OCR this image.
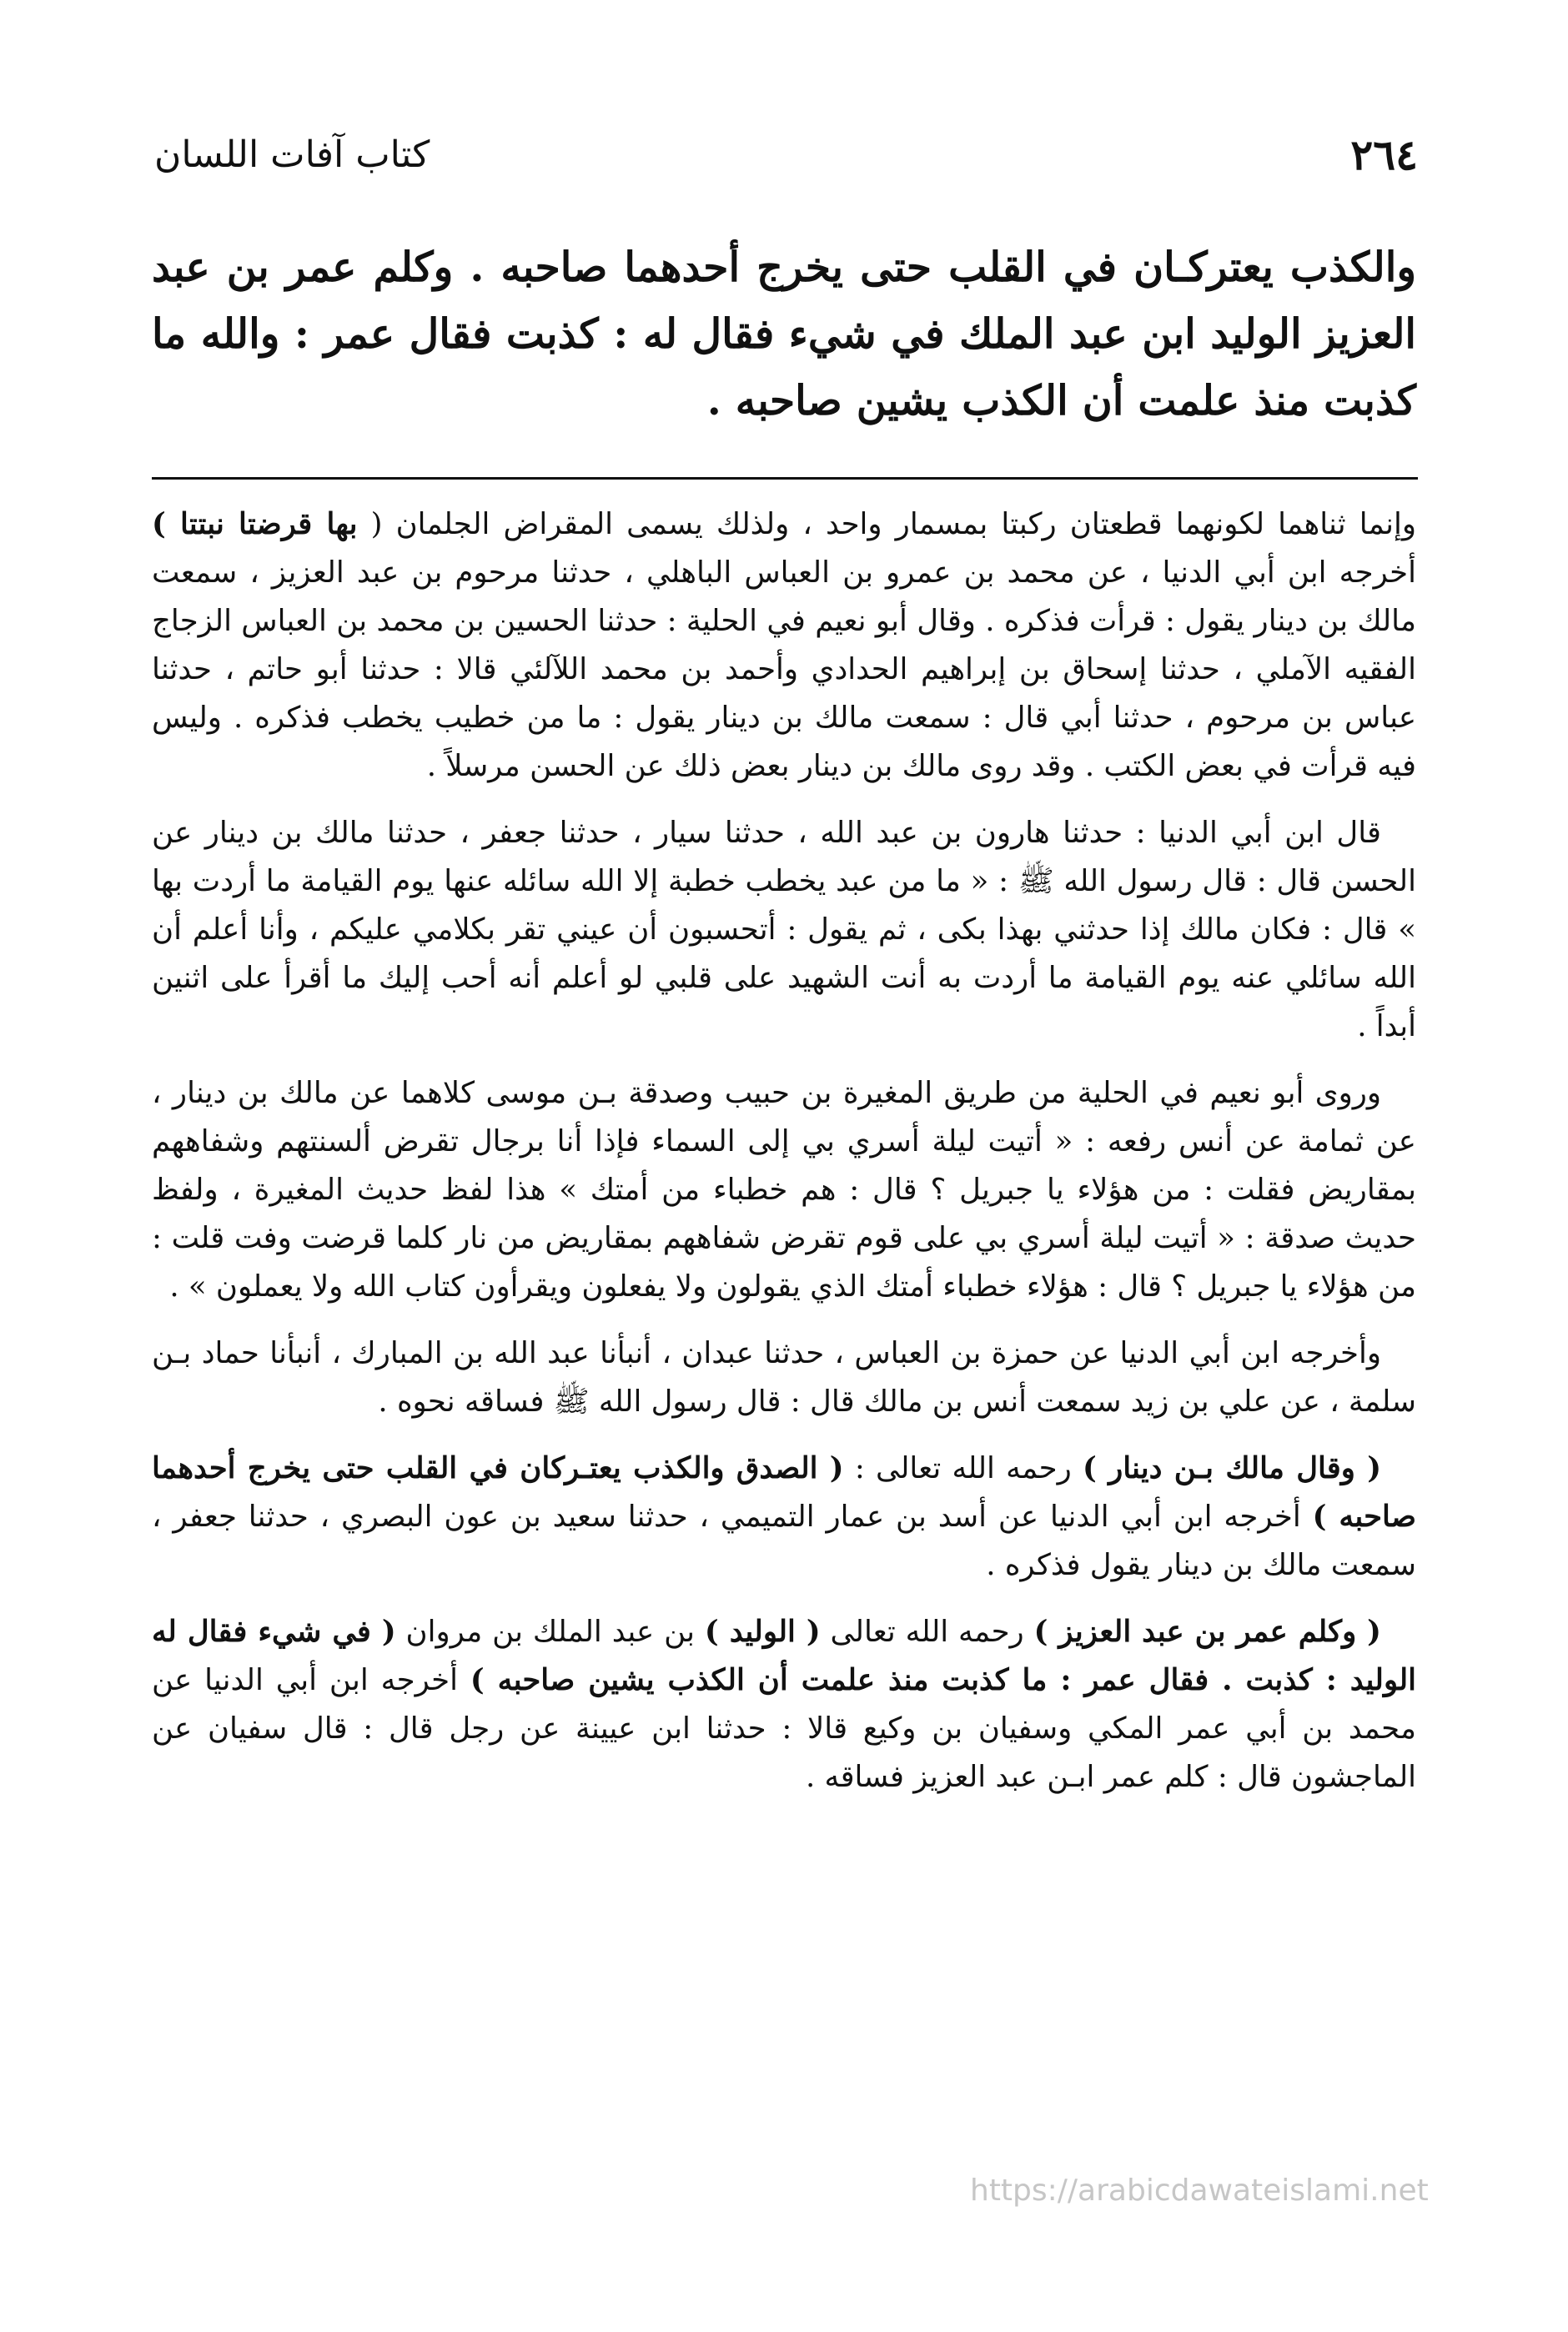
٢٦٤
كتاب آفات اللسان

والكذب يعتركـان في القلب حتى يخرج أحدهما صاحبه . وكلم عمر بن عبد العزيز الوليد ابن عبد الملك في شيء فقال له : كذبت فقال عمر : والله ما كذبت منذ علمت أن الكذب يشين صاحبه .

وإنما ثناهما لكونهما قطعتان ركبتا بمسمار واحد ، ولذلك يسمى المقراض الجلمان ( بها قرضتا نبتتا ) أخرجه ابن أبي الدنيا ، عن محمد بن عمرو بن العباس الباهلي ، حدثنا مرحوم بن عبد العزيز ، سمعت مالك بن دينار يقول : قرأت فذكره . وقال أبو نعيم في الحلية : حدثنا الحسين بن محمد بن العباس الزجاج الفقيه الآملي ، حدثنا إسحاق بن إبراهيم الحدادي وأحمد بن محمد اللآلئي قالا : حدثنا أبو حاتم ، حدثنا عباس بن مرحوم ، حدثنا أبي قال : سمعت مالك بن دينار يقول : ما من خطيب يخطب فذكره . وليس فيه قرأت في بعض الكتب . وقد روى مالك بن دينار بعض ذلك عن الحسن مرسلاً .

قال ابن أبي الدنيا : حدثنا هارون بن عبد الله ، حدثنا سيار ، حدثنا جعفر ، حدثنا مالك بن دينار عن الحسن قال : قال رسول الله ﷺ : « ما من عبد يخطب خطبة إلا الله سائله عنها يوم القيامة ما أردت بها » قال : فكان مالك إذا حدثني بهذا بكى ، ثم يقول : أتحسبون أن عيني تقر بكلامي عليكم ، وأنا أعلم أن الله سائلي عنه يوم القيامة ما أردت به أنت الشهيد على قلبي لو أعلم أنه أحب إليك ما أقرأ على اثنين أبداً .

وروى أبو نعيم في الحلية من طريق المغيرة بن حبيب وصدقة بـن موسى كلاهما عن مالك بن دينار ، عن ثمامة عن أنس رفعه : « أتيت ليلة أسري بي إلى السماء فإذا أنا برجال تقرض ألسنتهم وشفاههم بمقاريض فقلت : من هؤلاء يا جبريل ؟ قال : هم خطباء من أمتك » هذا لفظ حديث المغيرة ، ولفظ حديث صدقة : « أتيت ليلة أسري بي على قوم تقرض شفاههم بمقاريض من نار كلما قرضت وفت قلت : من هؤلاء يا جبريل ؟ قال : هؤلاء خطباء أمتك الذي يقولون ولا يفعلون ويقرأون كتاب الله ولا يعملون » .

وأخرجه ابن أبي الدنيا عن حمزة بن العباس ، حدثنا عبدان ، أنبأنا عبد الله بن المبارك ، أنبأنا حماد بـن سلمة ، عن علي بن زيد سمعت أنس بن مالك قال : قال رسول الله ﷺ فساقه نحوه .

( وقال مالك بـن دينار ) رحمه الله تعالى : ( الصدق والكذب يعتـركان في القلب حتى يخرج أحدهما صاحبه ) أخرجه ابن أبي الدنيا عن أسد بن عمار التميمي ، حدثنا سعيد بن عون البصري ، حدثنا جعفر ، سمعت مالك بن دينار يقول فذكره .

( وكلم عمر بن عبد العزيز ) رحمه الله تعالى ( الوليد ) بن عبد الملك بن مروان ( في شيء فقال له الوليد : كذبت . فقال عمر : ما كذبت منذ علمت أن الكذب يشين صاحبه ) أخرجه ابن أبي الدنيا عن محمد بن أبي عمر المكي وسفيان بن وكيع قالا : حدثنا ابن عيينة عن رجل قال : قال سفيان عن الماجشون قال : كلم عمر ابـن عبد العزيز فساقه .

https://arabicdawateislami.net
